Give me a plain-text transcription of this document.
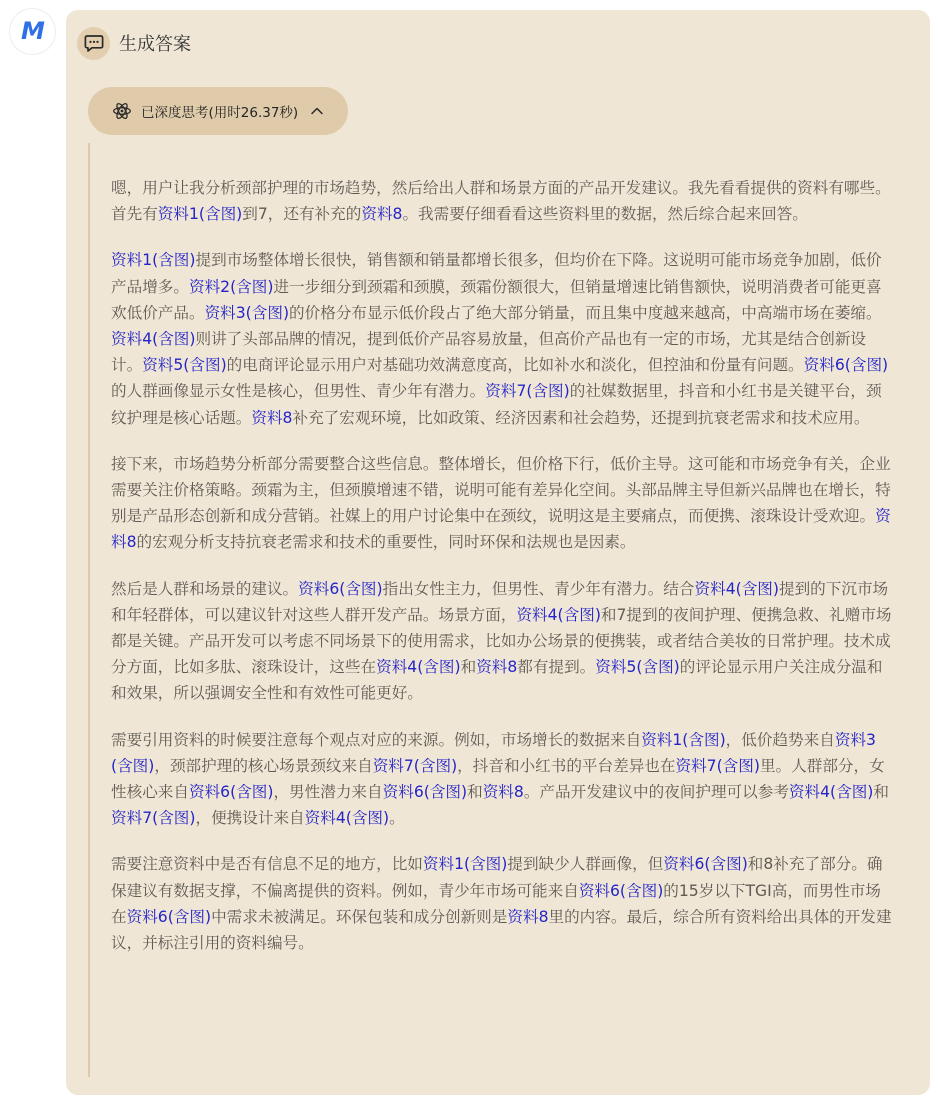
M	生成答案
已深度思考(用时26.37秒)

嗯，用户让我分析颈部护理的市场趋势，然后给出人群和场景方面的产品开发建议。我先看看提供的资料有哪些。首先有资料1(含图)到7，还有补充的资料8。我需要仔细看看这些资料里的数据，然后综合起来回答。

资料1(含图)提到市场整体增长很快，销售额和销量都增长很多，但均价在下降。这说明可能市场竞争加剧，低价产品增多。资料2(含图)进一步细分到颈霜和颈膜，颈霜份额很大，但销量增速比销售额快，说明消费者可能更喜欢低价产品。资料3(含图)的价格分布显示低价段占了绝大部分销量，而且集中度越来越高，中高端市场在萎缩。资料4(含图)则讲了头部品牌的情况，提到低价产品容易放量，但高价产品也有一定的市场，尤其是结合创新设计。资料5(含图)的电商评论显示用户对基础功效满意度高，比如补水和淡化，但控油和份量有问题。资料6(含图)的人群画像显示女性是核心，但男性、青少年有潜力。资料7(含图)的社媒数据里，抖音和小红书是关键平台，颈纹护理是核心话题。资料8补充了宏观环境，比如政策、经济因素和社会趋势，还提到抗衰老需求和技术应用。

接下来，市场趋势分析部分需要整合这些信息。整体增长，但价格下行，低价主导。这可能和市场竞争有关，企业需要关注价格策略。颈霜为主，但颈膜增速不错，说明可能有差异化空间。头部品牌主导但新兴品牌也在增长，特别是产品形态创新和成分营销。社媒上的用户讨论集中在颈纹，说明这是主要痛点，而便携、滚珠设计受欢迎。资料8的宏观分析支持抗衰老需求和技术的重要性，同时环保和法规也是因素。

然后是人群和场景的建议。资料6(含图)指出女性主力，但男性、青少年有潜力。结合资料4(含图)提到的下沉市场和年轻群体，可以建议针对这些人群开发产品。场景方面，资料4(含图)和7提到的夜间护理、便携急救、礼赠市场都是关键。产品开发可以考虑不同场景下的使用需求，比如办公场景的便携装，或者结合美妆的日常护理。技术成分方面，比如多肽、滚珠设计，这些在资料4(含图)和资料8都有提到。资料5(含图)的评论显示用户关注成分温和和效果，所以强调安全性和有效性可能更好。

需要引用资料的时候要注意每个观点对应的来源。例如，市场增长的数据来自资料1(含图)，低价趋势来自资料3(含图)，颈部护理的核心场景颈纹来自资料7(含图)，抖音和小红书的平台差异也在资料7(含图)里。人群部分，女性核心来自资料6(含图)，男性潜力来自资料6(含图)和资料8。产品开发建议中的夜间护理可以参考资料4(含图)和资料7(含图)，便携设计来自资料4(含图)。

需要注意资料中是否有信息不足的地方，比如资料1(含图)提到缺少人群画像，但资料6(含图)和8补充了部分。确保建议有数据支撑，不偏离提供的资料。例如，青少年市场可能来自资料6(含图)的15岁以下TGI高，而男性市场在资料6(含图)中需求未被满足。环保包装和成分创新则是资料8里的内容。最后，综合所有资料给出具体的开发建议，并标注引用的资料编号。
